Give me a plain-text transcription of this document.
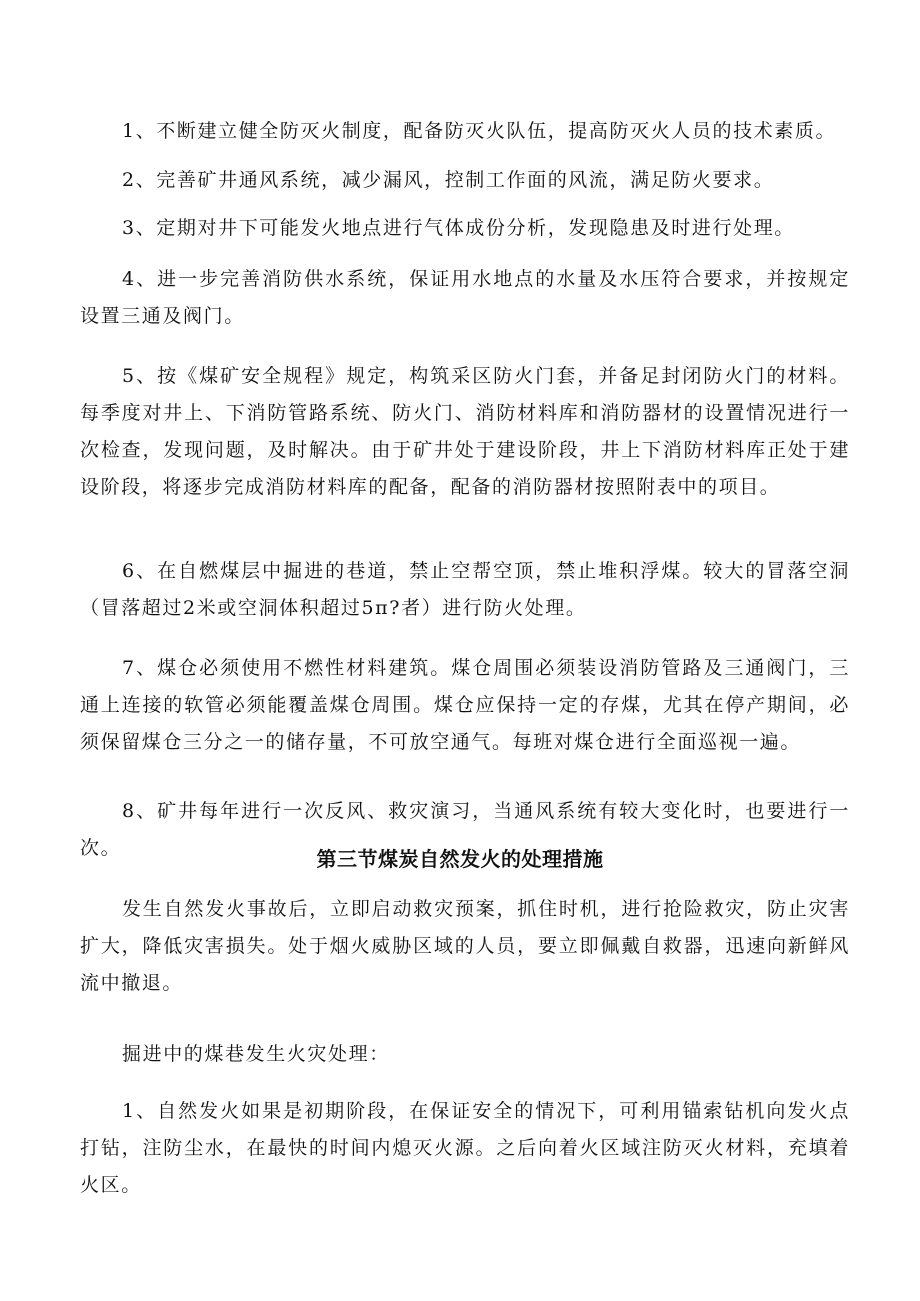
1、不断建立健全防灭火制度，配备防灭火队伍，提高防灭火人员的技术素质。

2、完善矿井通风系统，减少漏风，控制工作面的风流，满足防火要求。

3、定期对井下可能发火地点进行气体成份分析，发现隐患及时进行处理。

4、进一步完善消防供水系统，保证用水地点的水量及水压符合要求，并按规定设置三通及阀门。

5、按《煤矿安全规程》规定，构筑采区防火门套，并备足封闭防火门的材料。每季度对井上、下消防管路系统、防火门、消防材料库和消防器材的设置情况进行一次检查，发现问题，及时解决。由于矿井处于建设阶段，井上下消防材料库正处于建设阶段，将逐步完成消防材料库的配备，配备的消防器材按照附表中的项目。

6、在自燃煤层中掘进的巷道，禁止空帮空顶，禁止堆积浮煤。较大的冒落空洞（冒落超过2米或空洞体积超过5π?者）进行防火处理。

7、煤仓必须使用不燃性材料建筑。煤仓周围必须装设消防管路及三通阀门，三通上连接的软管必须能覆盖煤仓周围。煤仓应保持一定的存煤，尤其在停产期间，必须保留煤仓三分之一的储存量，不可放空通气。每班对煤仓进行全面巡视一遍。

8、矿井每年进行一次反风、救灾演习，当通风系统有较大变化时，也要进行一次。	第三节煤炭自然发火的处理措施

发生自然发火事故后，立即启动救灾预案，抓住时机，进行抢险救灾，防止灾害扩大，降低灾害损失。处于烟火威胁区域的人员，要立即佩戴自救器，迅速向新鲜风流中撤退。

掘进中的煤巷发生火灾处理：

1、自然发火如果是初期阶段，在保证安全的情况下，可利用锚索钻机向发火点打钻，注防尘水，在最快的时间内熄灭火源。之后向着火区域注防灭火材料，充填着火区。
